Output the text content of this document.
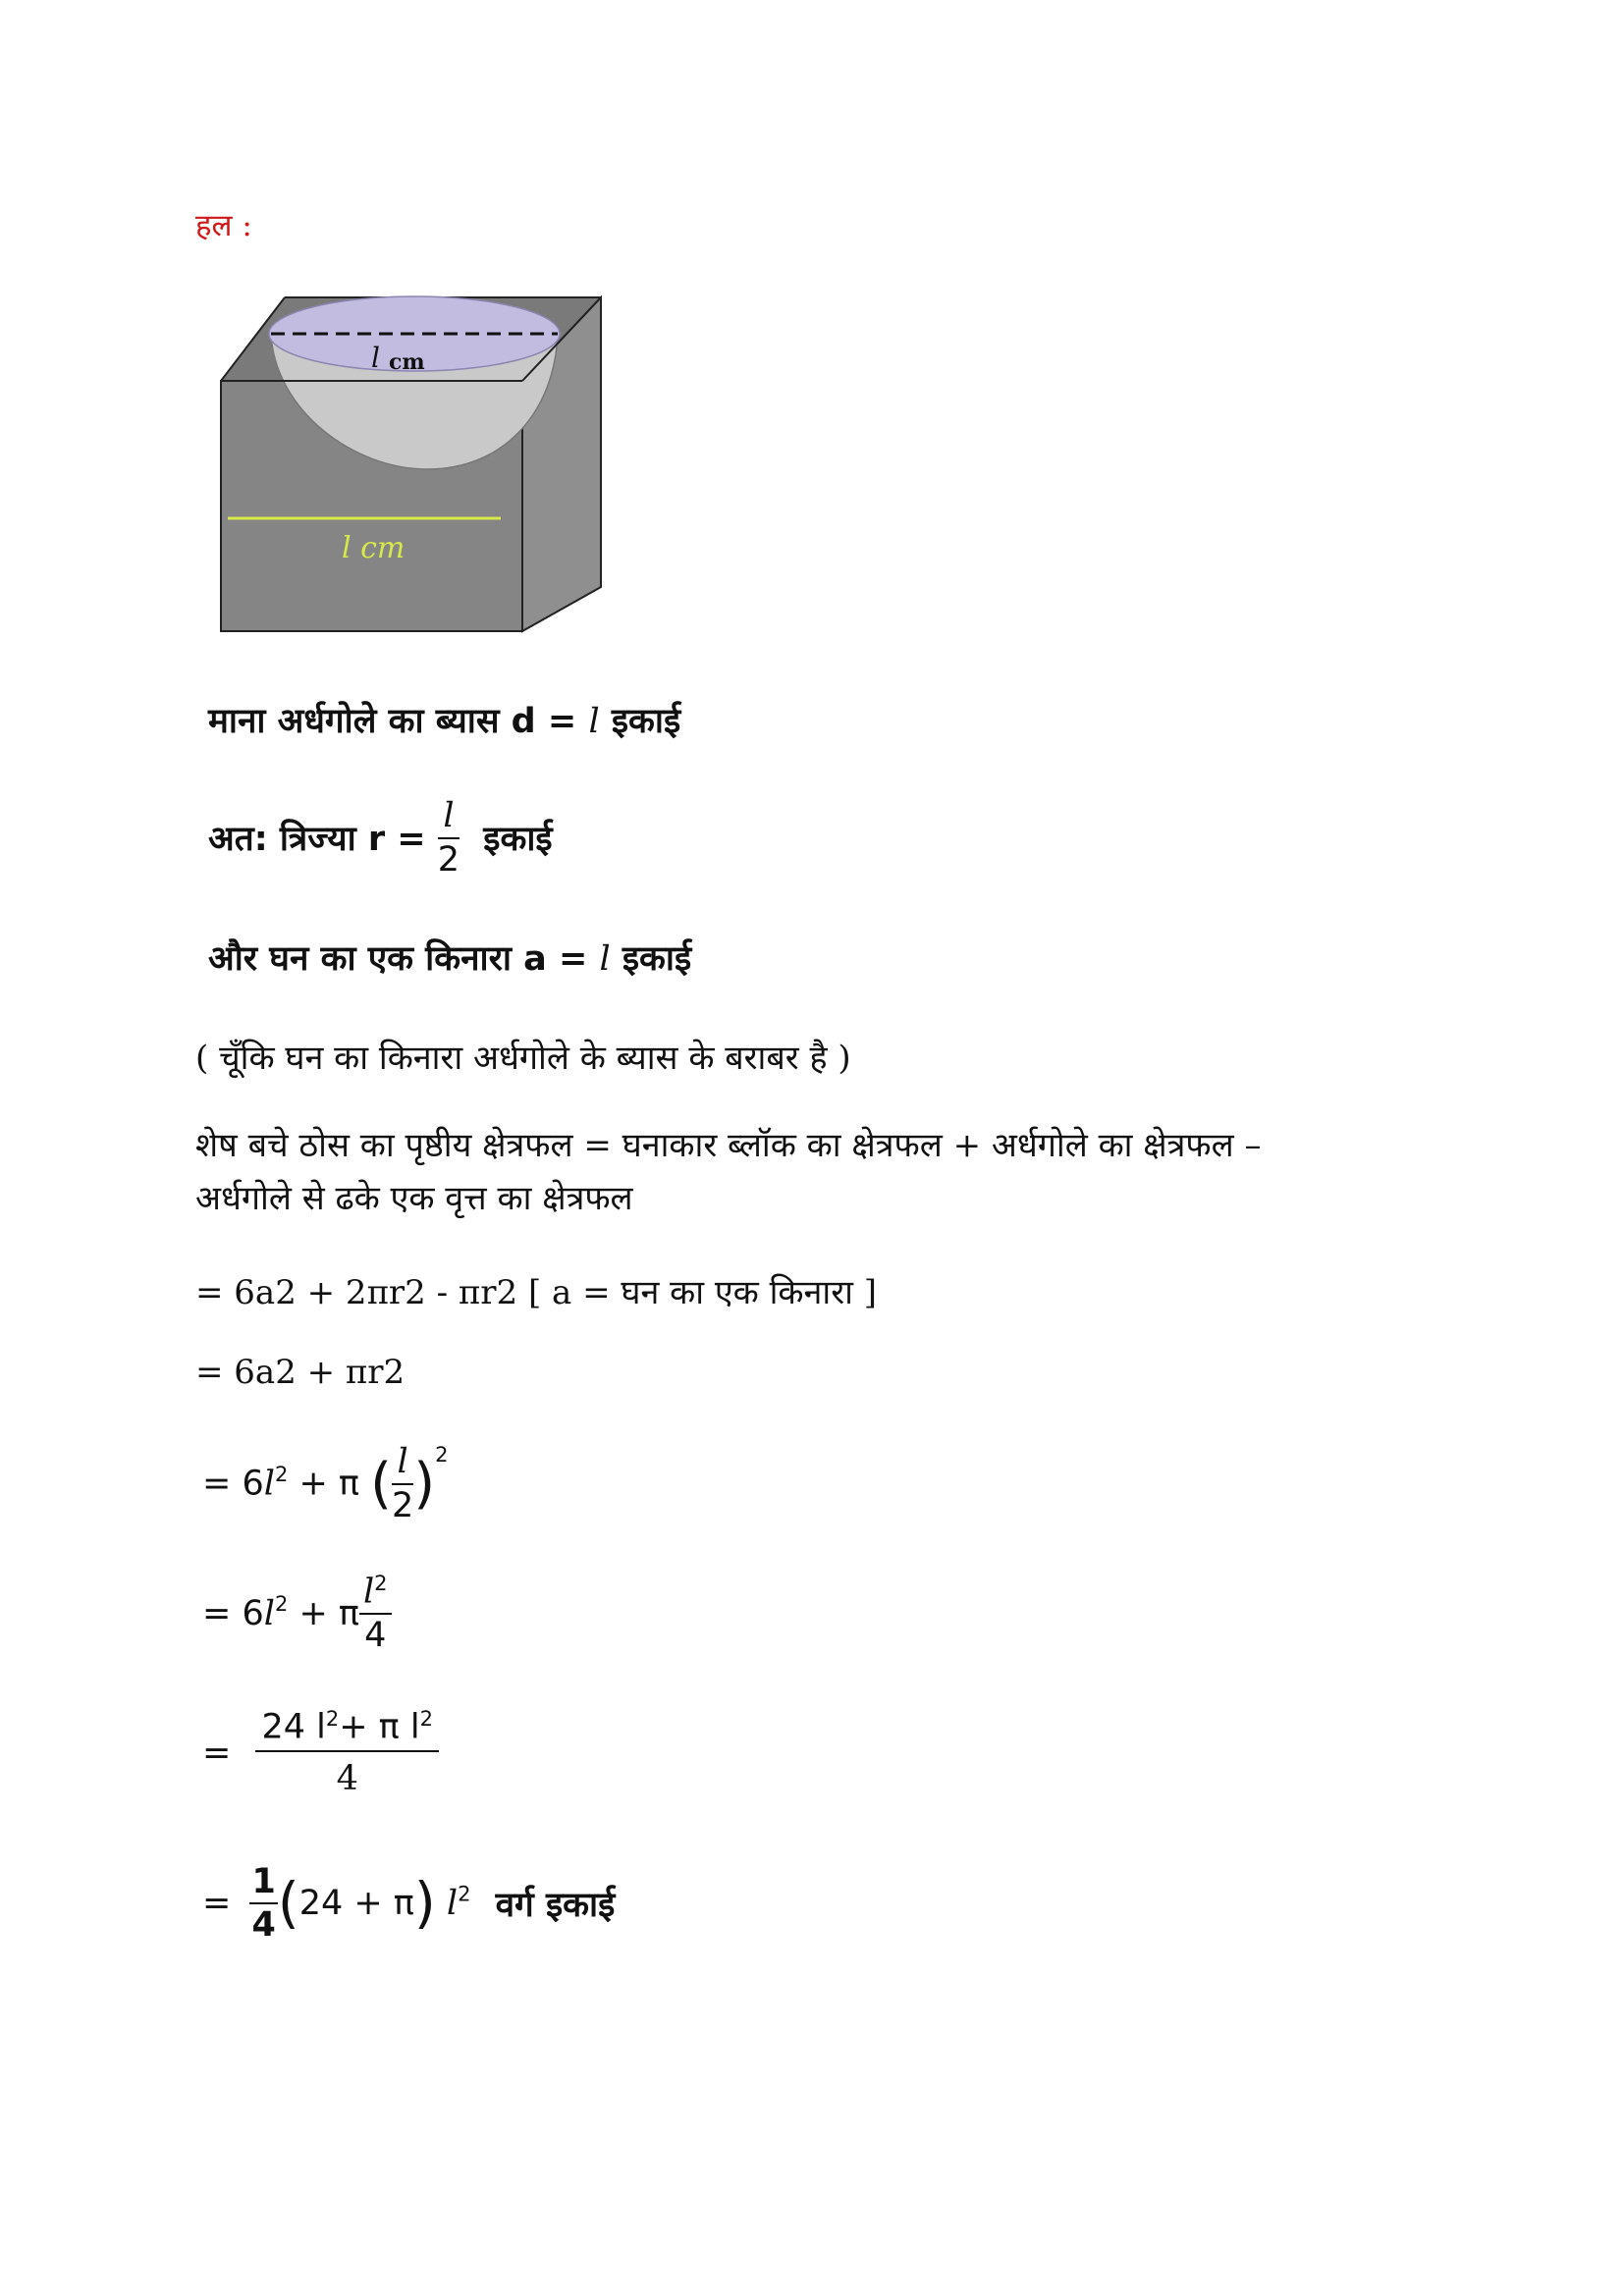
हल :
l cm
l cm
माना अर्धगोले का ब्यास d = l इकाई
अत: त्रिज्या $r = \frac{l}{2}$ इकाई
और घन का एक किनारा a = l इकाई
( चूँकि घन का किनारा अर्धगोले के ब्यास के बराबर है )
शेष बचे ठोस का पृष्ठीय क्षेत्रफल = घनाकार ब्लॉक का क्षेत्रफल + अर्धगोले का क्षेत्रफल –
अर्धगोले से ढके एक वृत्त का क्षेत्रफल
= 6a2 + 2πr2 - πr2 [ a = घन का एक किनारा ]
= 6a2 + πr2
= $6l^2 + \pi$ ( $\frac{l}{2} )^2$
= $6l^2 + \pi \frac{l^2}{4}$
= $\frac{24 l^2+ \pi l^2}{4}$
= $\frac{1}{4} (24 + \pi)$ $l^2$ वर्ग इकाई
